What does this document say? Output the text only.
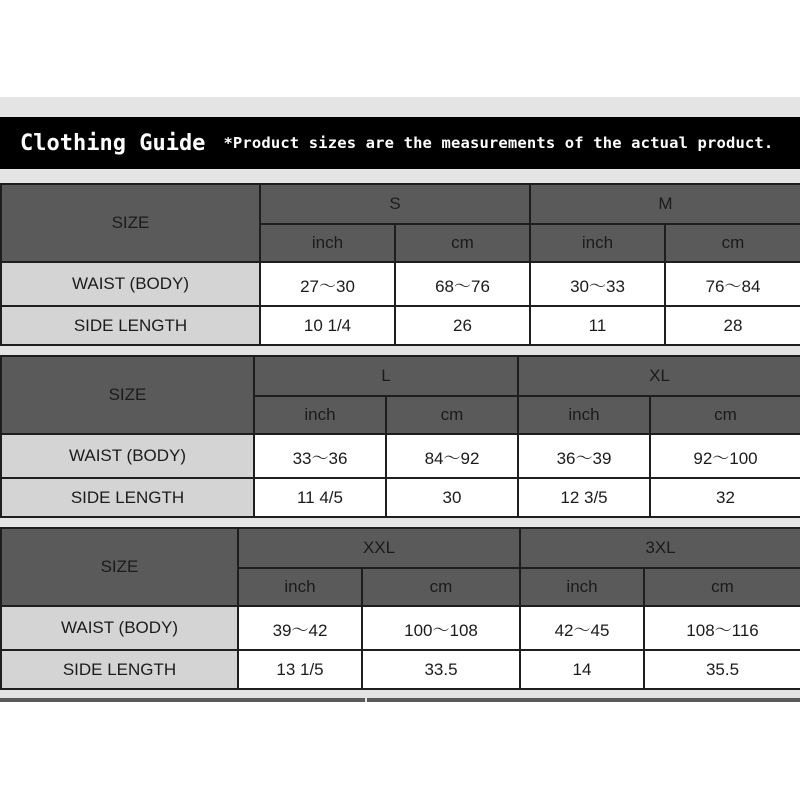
Clothing Guide *Product sizes are the measurements of the actual product.
SIZE	S		M	
	inch	cm	inch	cm
WAIST (BODY)	27～30	68～76	30～33	76～84
SIDE LENGTH	10 1/4	26	11	28
SIZE	L		XL	
	inch	cm	inch	cm
WAIST (BODY)	33～36	84～92	36～39	92～100
SIDE LENGTH	11 4/5	30	12 3/5	32
SIZE	XXL		3XL	
	inch	cm	inch	cm
WAIST (BODY)	39～42	100～108	42～45	108～116
SIDE LENGTH	13 1/5	33.5	14	35.5
